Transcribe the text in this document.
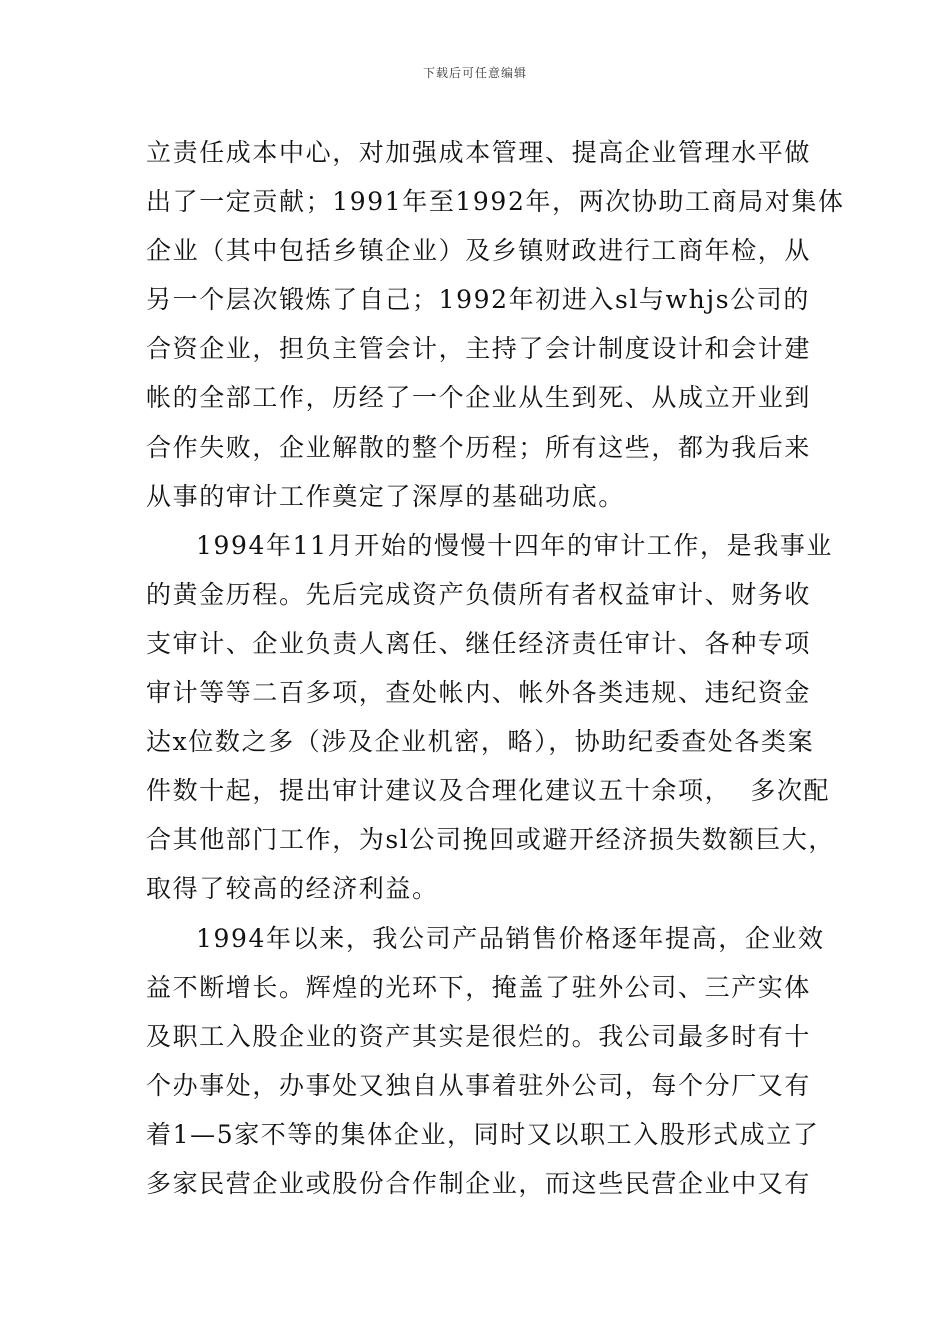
下载后可任意编辑
立责任成本中心，对加强成本管理、提高企业管理水平做
出了一定贡献；1991年至1992年，两次协助工商局对集体
企业（其中包括乡镇企业）及乡镇财政进行工商年检，从
另一个层次锻炼了自己；1992年初进入sl与whjs公司的
合资企业，担负主管会计，主持了会计制度设计和会计建
帐的全部工作，历经了一个企业从生到死、从成立开业到
合作失败，企业解散的整个历程；所有这些，都为我后来
从事的审计工作奠定了深厚的基础功底。
1994年11月开始的慢慢十四年的审计工作，是我事业
的黄金历程。先后完成资产负债所有者权益审计、财务收
支审计、企业负责人离任、继任经济责任审计、各种专项
审计等等二百多项，查处帐内、帐外各类违规、违纪资金
达x位数之多（涉及企业机密，略），协助纪委查处各类案
件数十起，提出审计建议及合理化建议五十余项，  多次配
合其他部门工作，为sl公司挽回或避开经济损失数额巨大，
取得了较高的经济利益。
1994年以来，我公司产品销售价格逐年提高，企业效
益不断增长。辉煌的光环下，掩盖了驻外公司、三产实体
及职工入股企业的资产其实是很烂的。我公司最多时有十
个办事处，办事处又独自从事着驻外公司，每个分厂又有
着1—5家不等的集体企业，同时又以职工入股形式成立了
多家民营企业或股份合作制企业，而这些民营企业中又有
